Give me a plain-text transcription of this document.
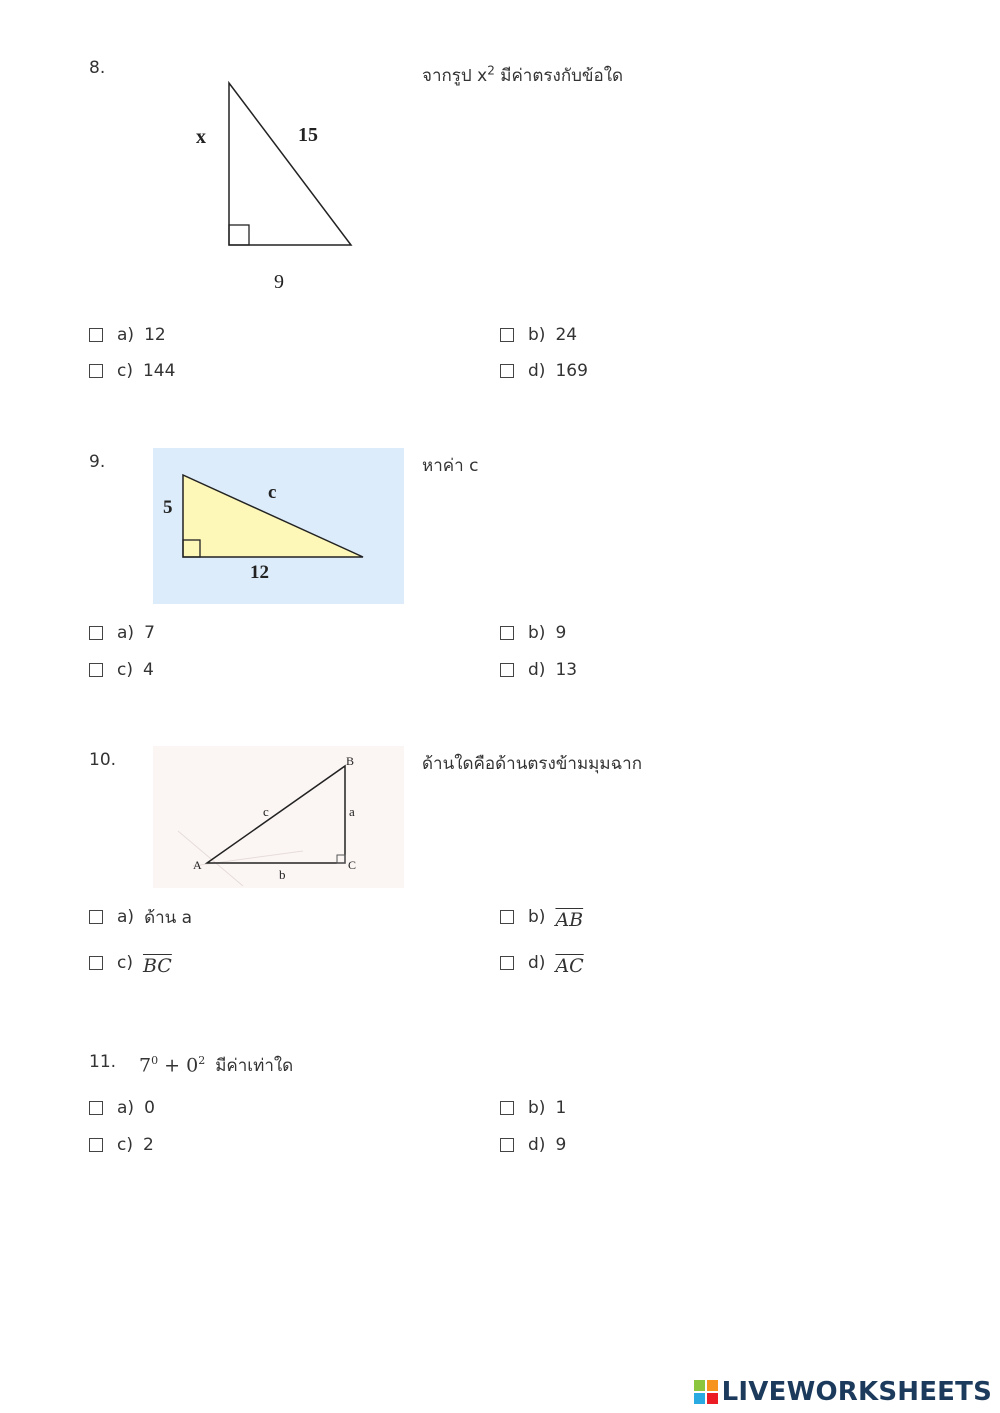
8.
x	15
9
จากรูป $x^2$ มีค่าตรงกับข้อใด
a) 12	b) 24
c) 144	d) 169
9.
5
c
12
หาค่า c
a) 7	b) 9
c) 4	d) 13
10.
A
B
C
a
b
c
ด้านใดคือด้านตรงข้ามมุมฉาก
a) ด้าน a	b) $\overline{AB}$
c) $\overline{BC}$	d) $\overline{AC}$
11. $7^0 + 0^2$ มีค่าเท่าใด
a) 0	b) 1
c) 2	d) 9
LIVEWORKSHEETS
